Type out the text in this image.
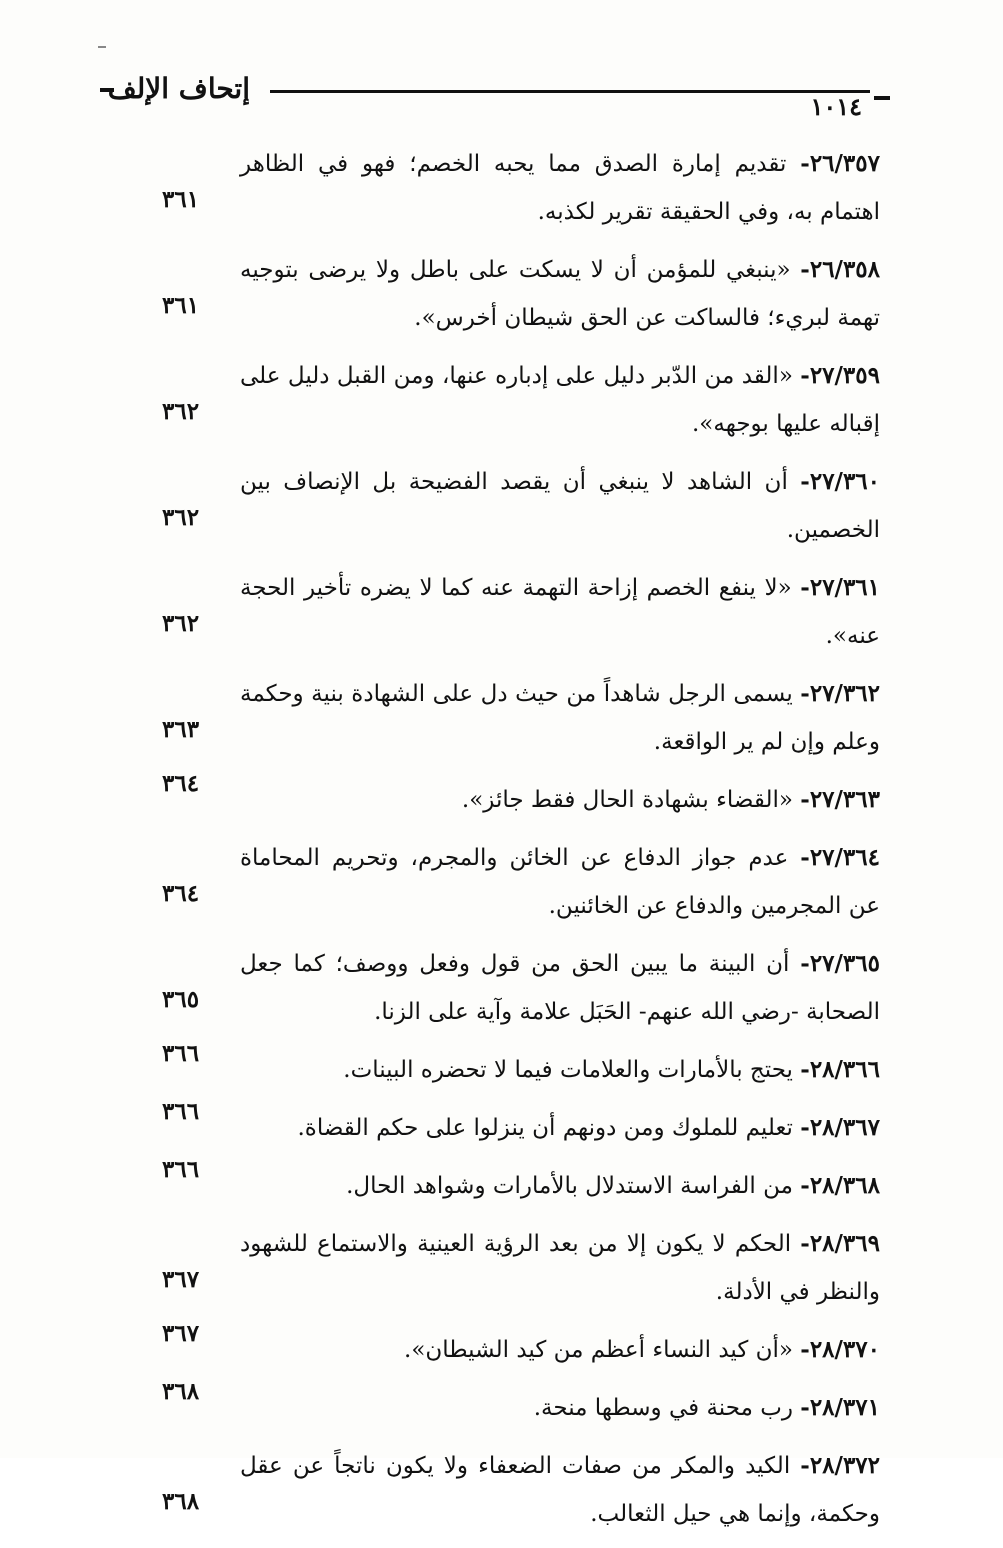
إتحاف الإلف
١٠١٤
٢٦/٣٥٧- تقديم إمارة الصدق مما يحبه الخصم؛ فهو في الظاهر اهتمام به، وفي الحقيقة تقرير لكذبه.
٣٦١
٢٦/٣٥٨- «ينبغي للمؤمن أن لا يسكت على باطل ولا يرضى بتوجيه تهمة لبريء؛ فالساكت عن الحق شيطان أخرس».
٣٦١
٢٧/٣٥٩- «القد من الدّبر دليل على إدباره عنها، ومن القبل دليل على إقباله عليها بوجهه».
٣٦٢
٢٧/٣٦٠- أن الشاهد لا ينبغي أن يقصد الفضيحة بل الإنصاف بين الخصمين.
٣٦٢
٢٧/٣٦١- «لا ينفع الخصم إزاحة التهمة عنه كما لا يضره تأخير الحجة عنه».
٣٦٢
٢٧/٣٦٢- يسمى الرجل شاهداً من حيث دل على الشهادة بنية وحكمة وعلم وإن لم ير الواقعة.
٣٦٣
٢٧/٣٦٣- «القضاء بشهادة الحال فقط جائز».
٣٦٤
٢٧/٣٦٤- عدم جواز الدفاع عن الخائن والمجرم، وتحريم المحاماة عن المجرمين والدفاع عن الخائنين.
٣٦٤
٢٧/٣٦٥- أن البينة ما يبين الحق من قول وفعل ووصف؛ كما جعل الصحابة -رضي الله عنهم- الحَبَل علامة وآية على الزنا.
٣٦٥
٢٨/٣٦٦- يحتج بالأمارات والعلامات فيما لا تحضره البينات.
٣٦٦
٢٨/٣٦٧- تعليم للملوك ومن دونهم أن ينزلوا على حكم القضاة.
٣٦٦
٢٨/٣٦٨- من الفراسة الاستدلال بالأمارات وشواهد الحال.
٣٦٦
٢٨/٣٦٩- الحكم لا يكون إلا من بعد الرؤية العينية والاستماع للشهود والنظر في الأدلة.
٣٦٧
٢٨/٣٧٠- «أن كيد النساء أعظم من كيد الشيطان».
٣٦٧
٢٨/٣٧١- رب محنة في وسطها منحة.
٣٦٨
٢٨/٣٧٢- الكيد والمكر من صفات الضعفاء ولا يكون ناتجاً عن عقل وحكمة، وإنما هي حيل الثعالب.
٣٦٨
